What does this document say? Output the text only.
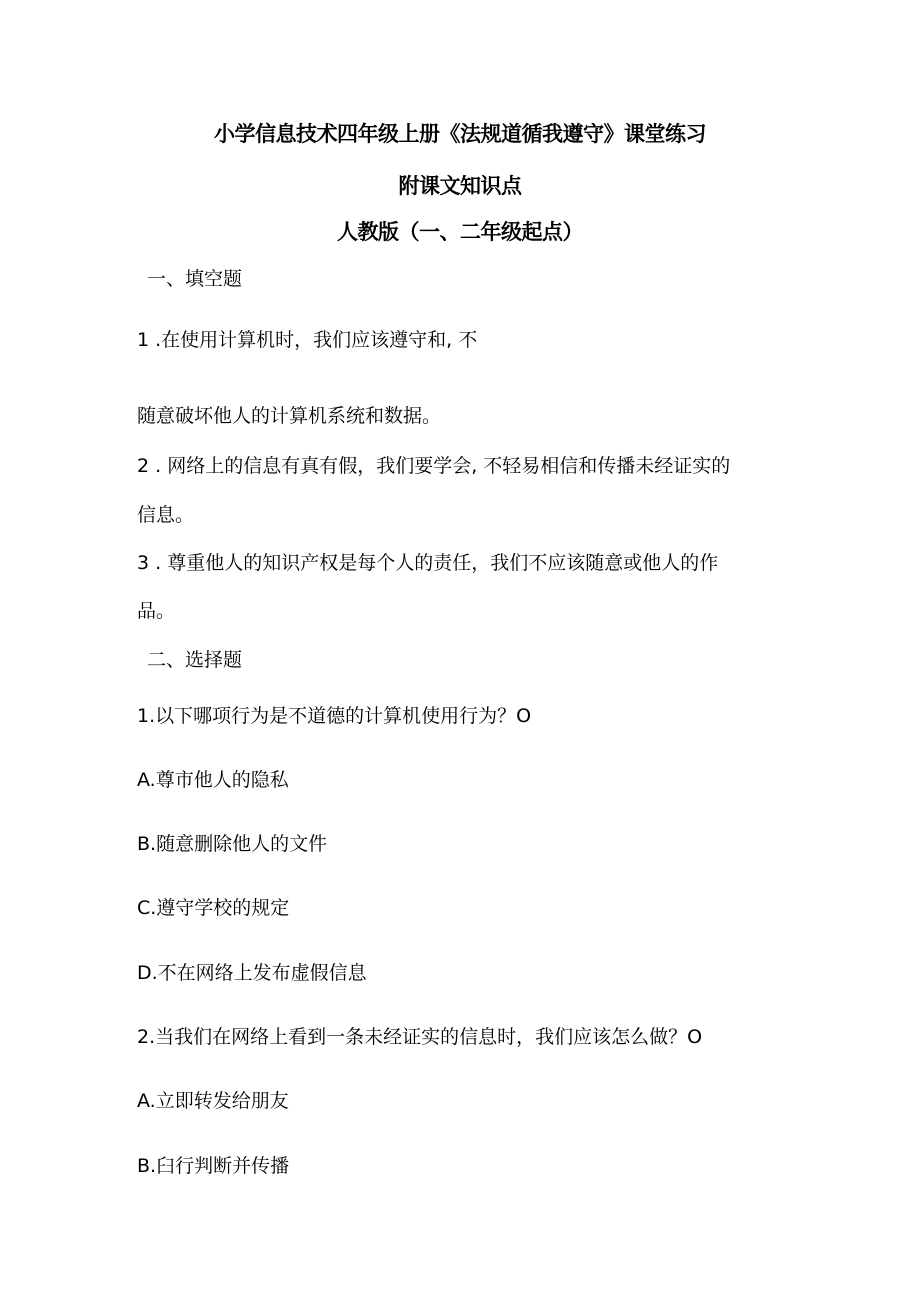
小学信息技术四年级上册《法规道循我遵守》课堂练习
附课文知识点
人教版（一、二年级起点）
一、填空题
1 .在使用计算机时，我们应该遵守和, 不
随意破坏他人的计算机系统和数据。
2 . 网络上的信息有真有假，我们要学会, 不轻易相信和传播未经证实的
信息。
3 . 尊重他人的知识产权是每个人的责任，我们不应该随意或他人的作
品。
二、选择题
1.以下哪项行为是不道德的计算机使用行为？O
A.尊市他人的隐私
B.随意删除他人的文件
C.遵守学校的规定
D.不在网络上发布虚假信息
2.当我们在网络上看到一条未经证实的信息时，我们应该怎么做？O
A.立即转发给朋友
B.臼行判断并传播
